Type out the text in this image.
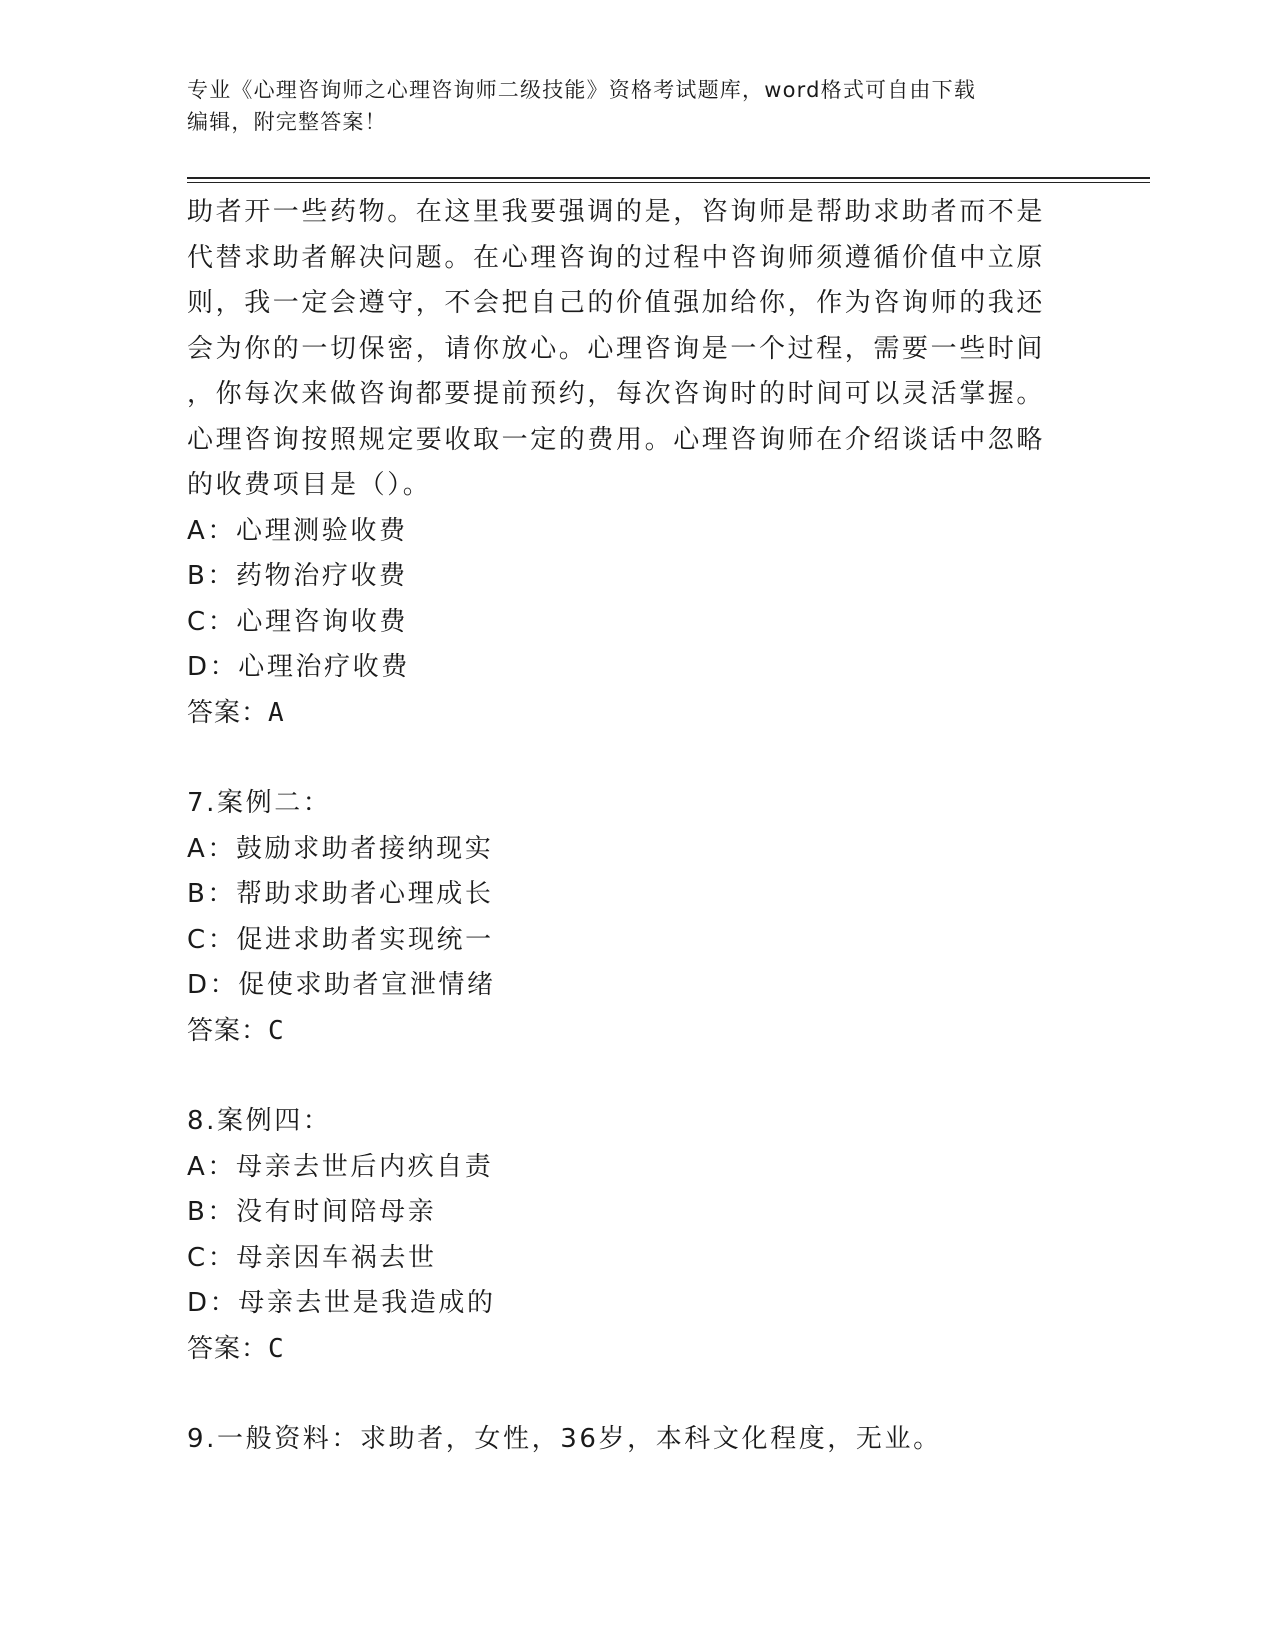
专业《心理咨询师之心理咨询师二级技能》资格考试题库，word格式可自由下载
编辑，附完整答案！
助者开一些药物。在这里我要强调的是，咨询师是帮助求助者而不是
代替求助者解决问题。在心理咨询的过程中咨询师须遵循价值中立原
则，我一定会遵守，不会把自己的价值强加给你，作为咨询师的我还
会为你的一切保密，请你放心。心理咨询是一个过程，需要一些时间
，你每次来做咨询都要提前预约，每次咨询时的时间可以灵活掌握。
心理咨询按照规定要收取一定的费用。心理咨询师在介绍谈话中忽略
的收费项目是（）。
A：心理测验收费
B：药物治疗收费
C：心理咨询收费
D：心理治疗收费
答案：A
7.案例二：
A：鼓励求助者接纳现实
B：帮助求助者心理成长
C：促进求助者实现统一
D：促使求助者宣泄情绪
答案：C
8.案例四：
A：母亲去世后内疚自责
B：没有时间陪母亲
C：母亲因车祸去世
D：母亲去世是我造成的
答案：C
9.一般资料：求助者，女性，36岁，本科文化程度，无业。
